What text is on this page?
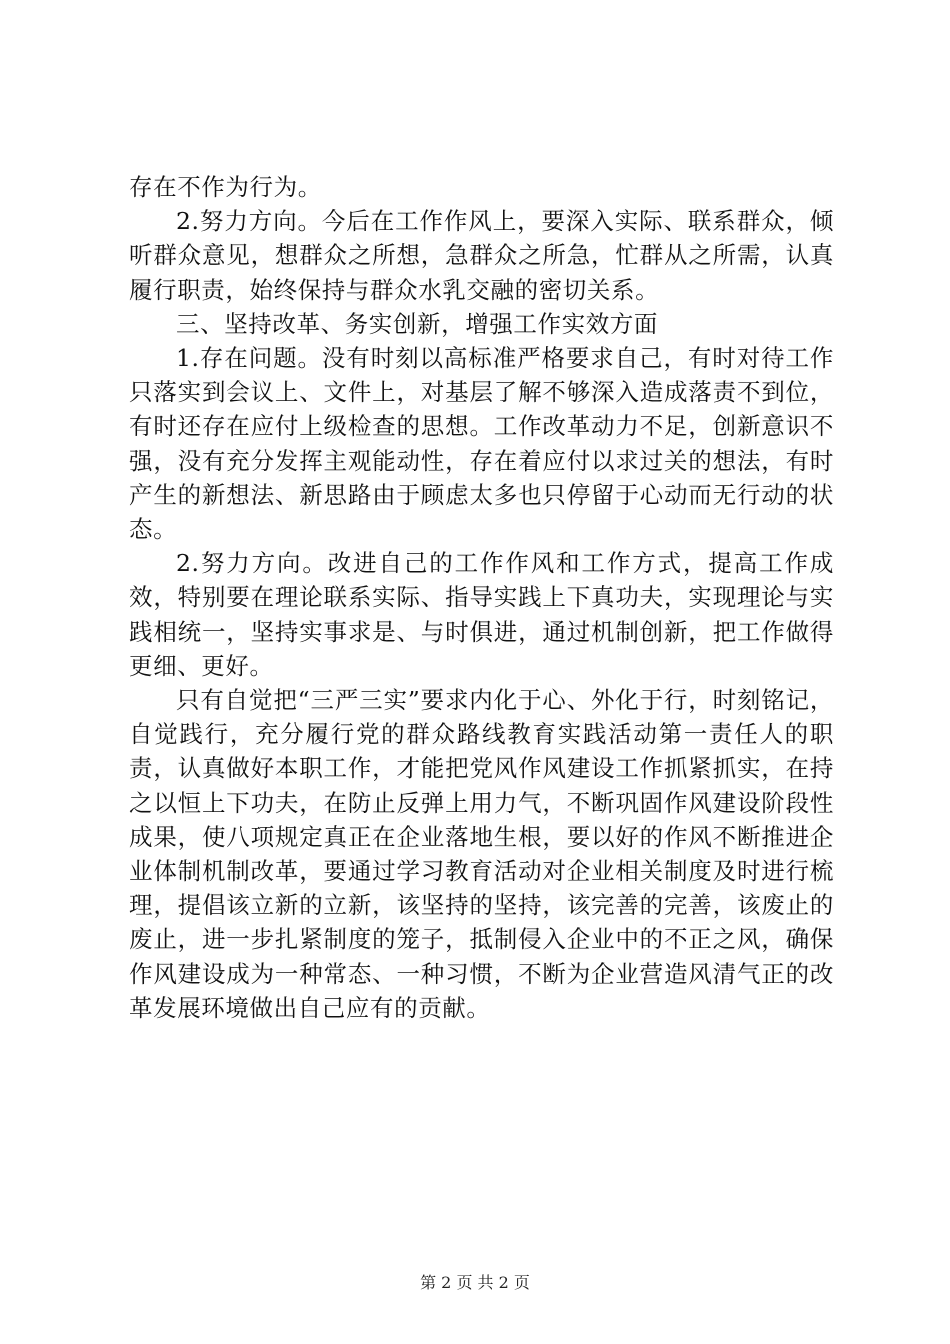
存在不作为行为。

2.努力方向。今后在工作作风上，要深入实际、联系群众，倾听群众意见，想群众之所想，急群众之所急，忙群从之所需，认真履行职责，始终保持与群众水乳交融的密切关系。

三、坚持改革、务实创新，增强工作实效方面

1.存在问题。没有时刻以高标准严格要求自己，有时对待工作只落实到会议上、文件上，对基层了解不够深入造成落责不到位，有时还存在应付上级检查的思想。工作改革动力不足，创新意识不强，没有充分发挥主观能动性，存在着应付以求过关的想法，有时产生的新想法、新思路由于顾虑太多也只停留于心动而无行动的状态。

2.努力方向。改进自己的工作作风和工作方式，提高工作成效，特别要在理论联系实际、指导实践上下真功夫，实现理论与实践相统一，坚持实事求是、与时俱进，通过机制创新，把工作做得更细、更好。

只有自觉把“三严三实”要求内化于心、外化于行，时刻铭记，自觉践行，充分履行党的群众路线教育实践活动第一责任人的职责，认真做好本职工作，才能把党风作风建设工作抓紧抓实，在持之以恒上下功夫，在防止反弹上用力气，不断巩固作风建设阶段性成果，使八项规定真正在企业落地生根，要以好的作风不断推进企业体制机制改革，要通过学习教育活动对企业相关制度及时进行梳理，提倡该立新的立新，该坚持的坚持，该完善的完善，该废止的废止，进一步扎紧制度的笼子，抵制侵入企业中的不正之风，确保作风建设成为一种常态、一种习惯，不断为企业营造风清气正的改革发展环境做出自己应有的贡献。

第 2 页 共 2 页
